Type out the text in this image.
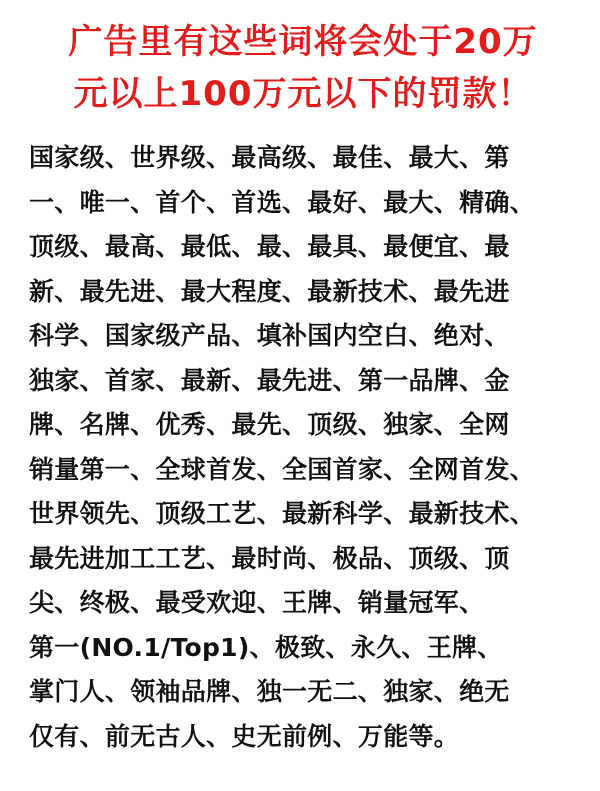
广告里有这些词将会处于20万
元以上100万元以下的罚款！
国家级、世界级、最高级、最佳、最大、第
一、唯一、首个、首选、最好、最大、精确、
顶级、最高、最低、最、最具、最便宜、最
新、最先进、最大程度、最新技术、最先进
科学、国家级产品、填补国内空白、绝对、
独家、首家、最新、最先进、第一品牌、金
牌、名牌、优秀、最先、顶级、独家、全网
销量第一、全球首发、全国首家、全网首发、
世界领先、顶级工艺、最新科学、最新技术、
最先进加工工艺、最时尚、极品、顶级、顶
尖、终极、最受欢迎、王牌、销量冠军、
第一(NO.1/Top1)、极致、永久、王牌、
掌门人、领袖品牌、独一无二、独家、绝无
仅有、前无古人、史无前例、万能等。
